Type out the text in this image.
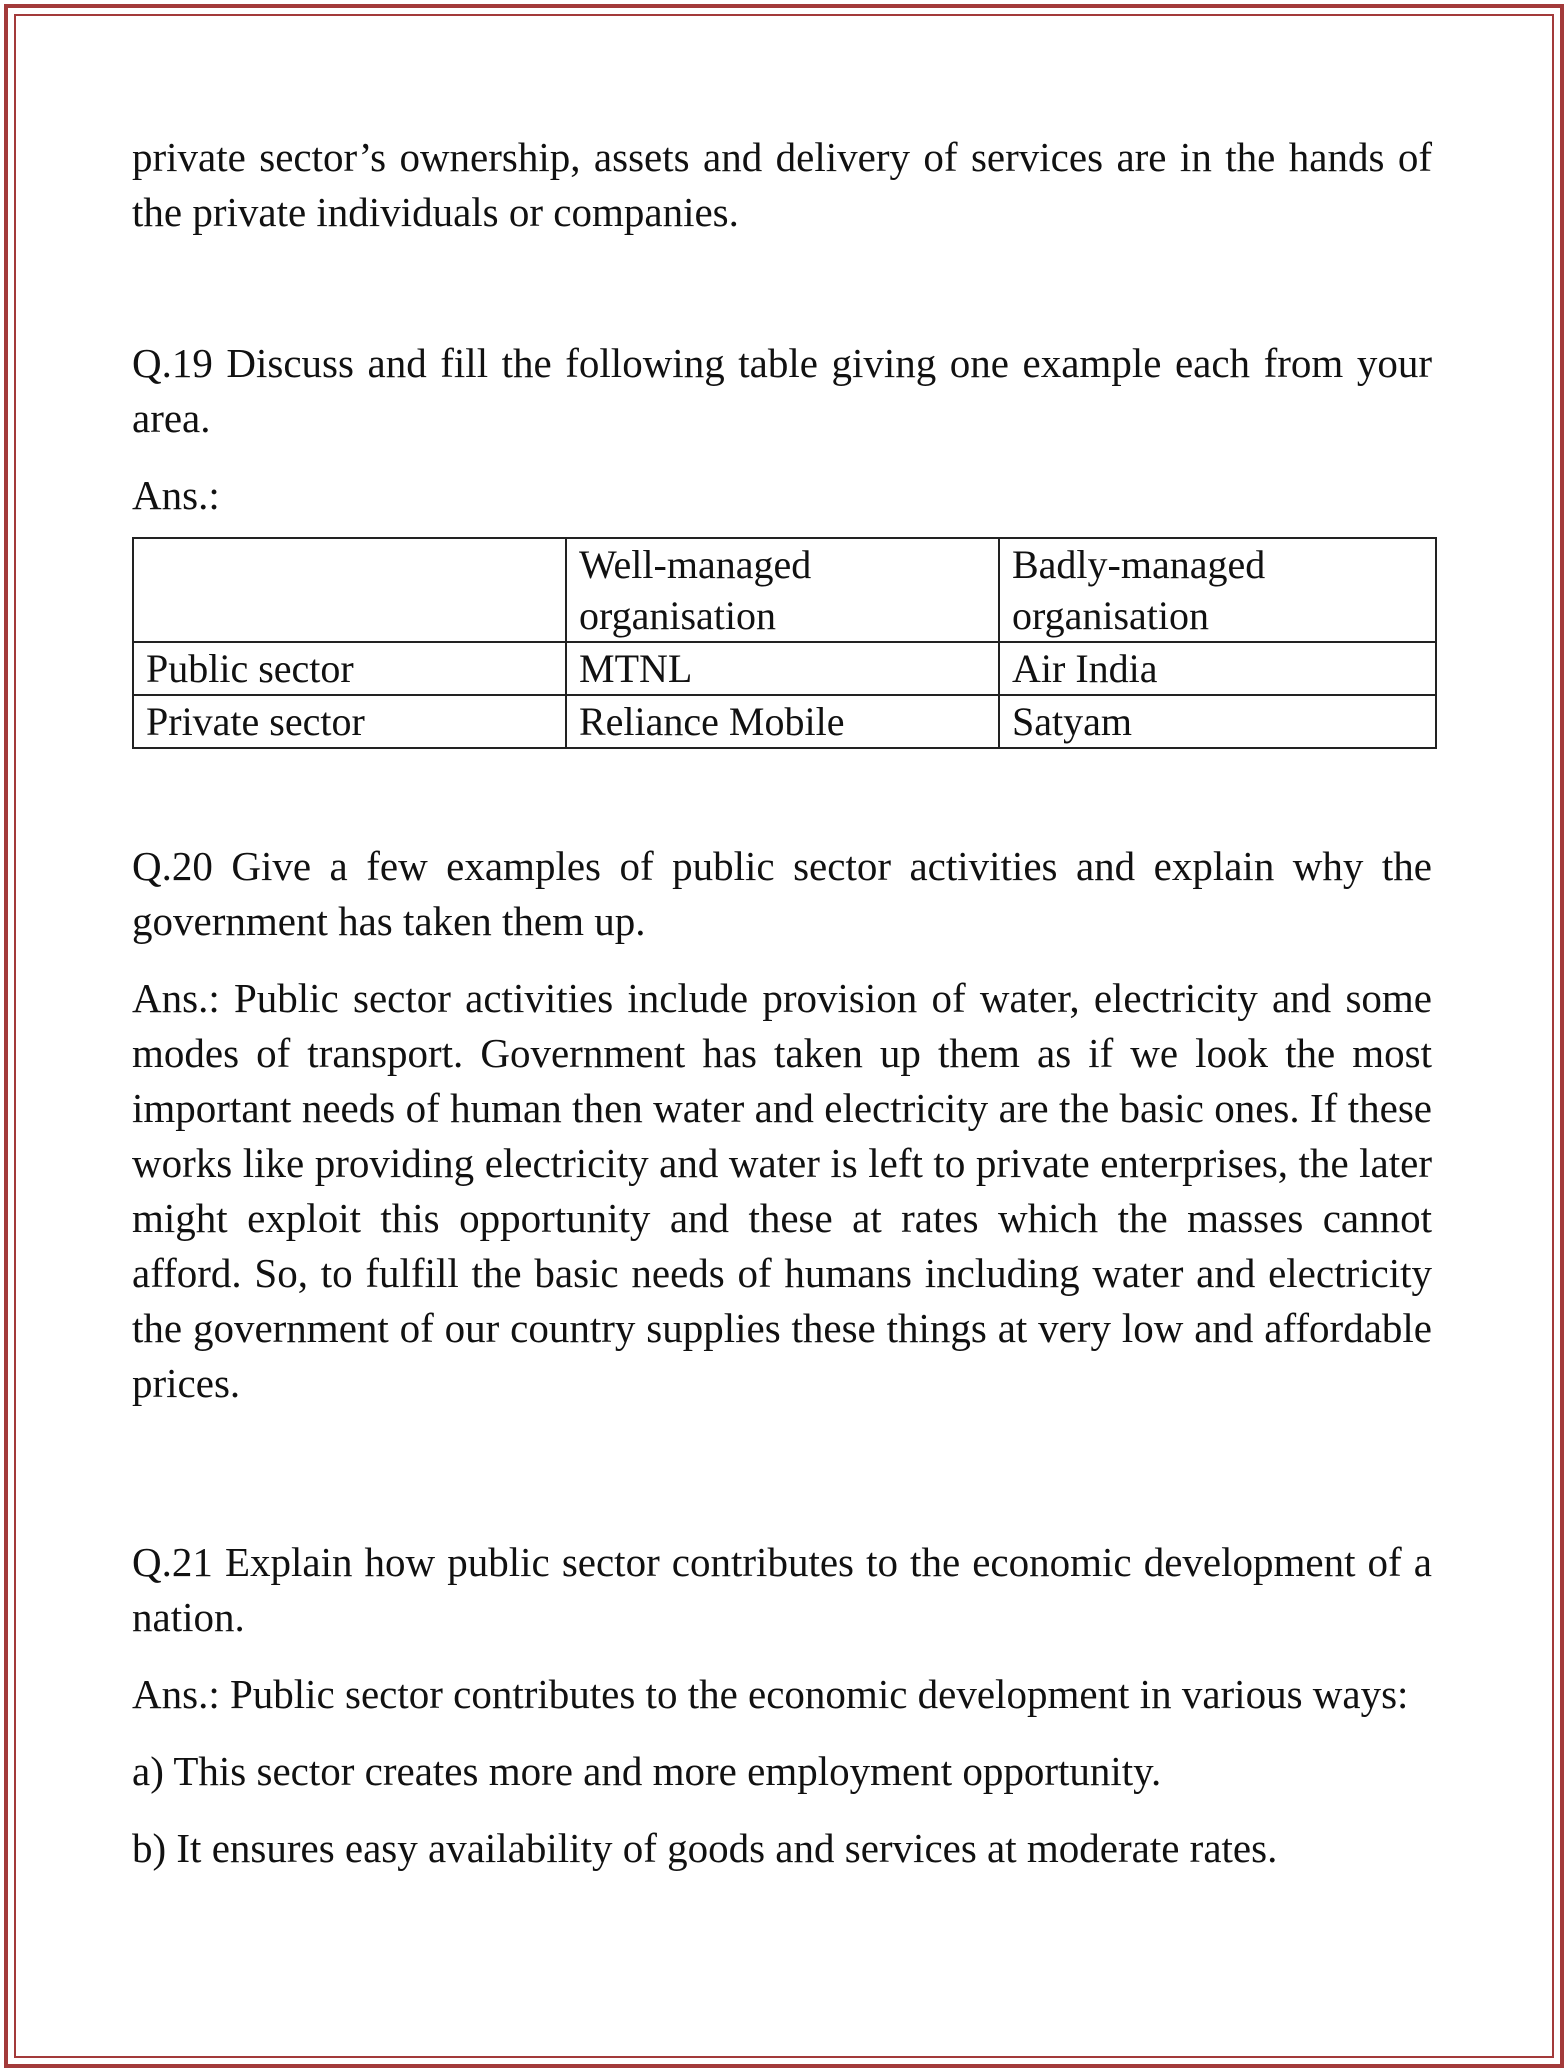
private sector’s ownership, assets and delivery of services are in the hands of the private individuals or companies.

Q.19 Discuss and fill the following table giving one example each from your area.

Ans.:

	Well-managed organisation	Badly-managed organisation
Public sector	MTNL	Air India
Private sector	Reliance Mobile	Satyam

Q.20 Give a few examples of public sector activities and explain why the government has taken them up.

Ans.: Public sector activities include provision of water, electricity and some modes of transport. Government has taken up them as if we look the most important needs of human then water and electricity are the basic ones. If these works like providing electricity and water is left to private enterprises, the later might exploit this opportunity and these at rates which the masses cannot afford. So, to fulfill the basic needs of humans including water and electricity the government of our country supplies these things at very low and affordable prices.

Q.21 Explain how public sector contributes to the economic development of a nation.

Ans.: Public sector contributes to the economic development in various ways:

a) This sector creates more and more employment opportunity.

b) It ensures easy availability of goods and services at moderate rates.
